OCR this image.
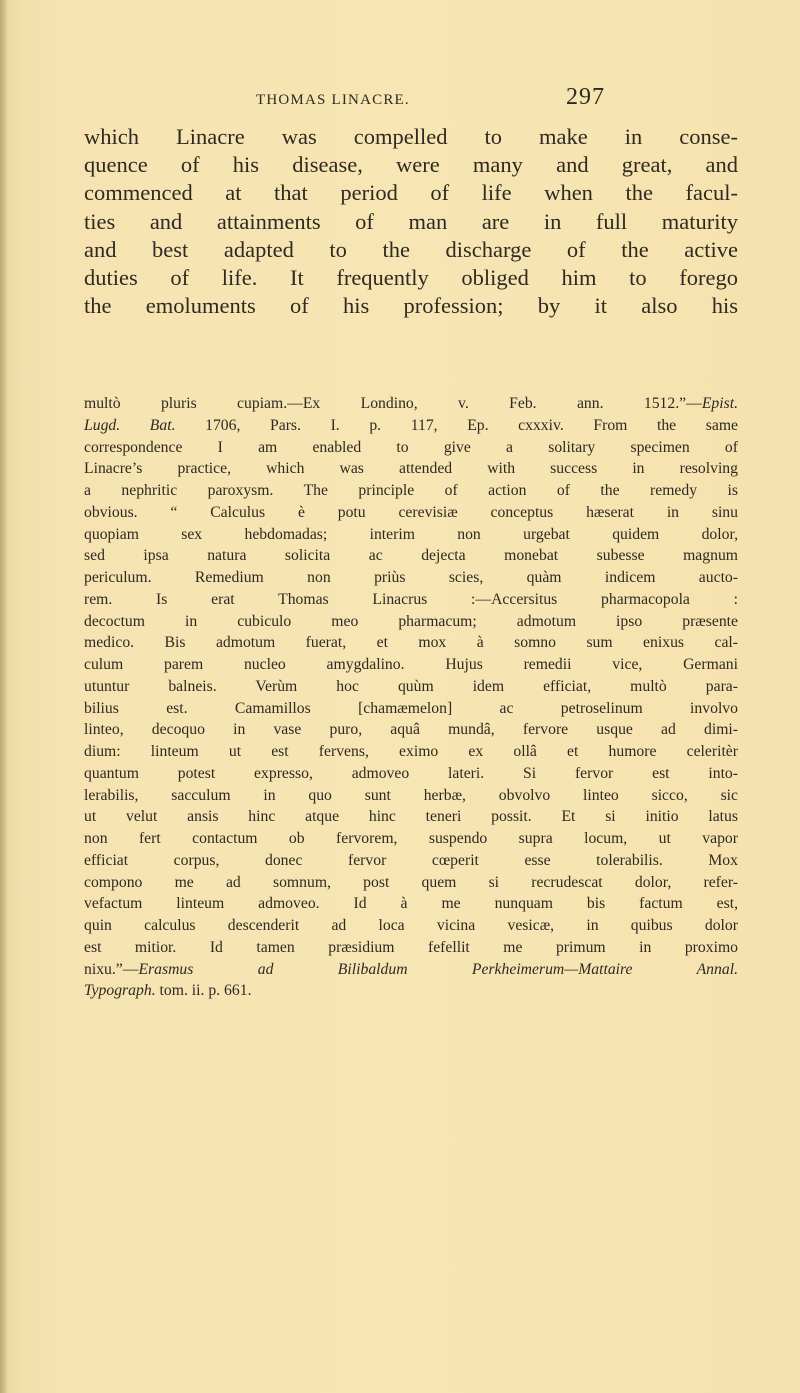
THOMAS LINACRE.	297
which Linacre was compelled to make in conse-
quence of his disease, were many and great, and
commenced at that period of life when the facul-
ties and attainments of man are in full maturity
and best adapted to the discharge of the active
duties of life. It frequently obliged him to forego
the emoluments of his profession; by it also his
multò pluris cupiam.—Ex Londino, v. Feb. ann. 1512.”—Epist.
Lugd. Bat. 1706, Pars. I. p. 117, Ep. cxxxiv. From the same
correspondence I am enabled to give a solitary specimen of
Linacre’s practice, which was attended with success in resolving
a nephritic paroxysm. The principle of action of the remedy is
obvious. “ Calculus è potu cerevisiæ conceptus hæserat in sinu
quopiam sex hebdomadas; interim non urgebat quidem dolor,
sed ipsa natura solicita ac dejecta monebat subesse magnum
periculum. Remedium non priùs scies, quàm indicem aucto-
rem. Is erat Thomas Linacrus :—Accersitus pharmacopola :
decoctum in cubiculo meo pharmacum; admotum ipso præsente
medico. Bis admotum fuerat, et mox à somno sum enixus cal-
culum parem nucleo amygdalino. Hujus remedii vice, Germani
utuntur balneis. Verùm hoc quùm idem efficiat, multò para-
bilius est. Camamillos [chamæmelon] ac petroselinum involvo
linteo, decoquo in vase puro, aquâ mundâ, fervore usque ad dimi-
dium: linteum ut est fervens, eximo ex ollâ et humore celeritèr
quantum potest expresso, admoveo lateri. Si fervor est into-
lerabilis, sacculum in quo sunt herbæ, obvolvo linteo sicco, sic
ut velut ansis hinc atque hinc teneri possit. Et si initio latus
non fert contactum ob fervorem, suspendo supra locum, ut vapor
efficiat corpus, donec fervor cœperit esse tolerabilis. Mox
compono me ad somnum, post quem si recrudescat dolor, refer-
vefactum linteum admoveo. Id à me nunquam bis factum est,
quin calculus descenderit ad loca vicina vesicæ, in quibus dolor
est mitior. Id tamen præsidium fefellit me primum in proximo
nixu.”—Erasmus ad Bilibaldum Perkheimerum—Mattaire Annal.
Typograph. tom. ii. p. 661.
